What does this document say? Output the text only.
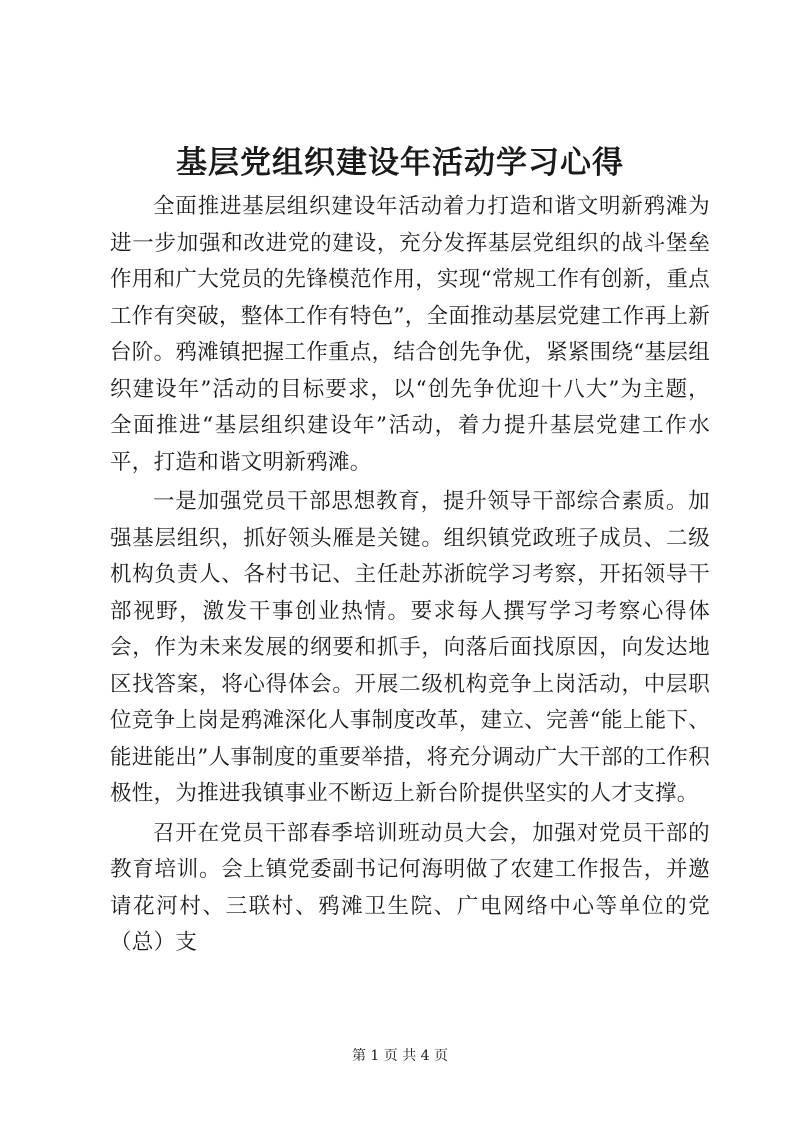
基层党组织建设年活动学习心得

全面推进基层组织建设年活动着力打造和谐文明新鸦滩为进一步加强和改进党的建设，充分发挥基层党组织的战斗堡垒作用和广大党员的先锋模范作用，实现“常规工作有创新，重点工作有突破，整体工作有特色”，全面推动基层党建工作再上新台阶。鸦滩镇把握工作重点，结合创先争优，紧紧围绕“基层组织建设年”活动的目标要求，以“创先争优迎十八大”为主题，全面推进“基层组织建设年”活动，着力提升基层党建工作水平，打造和谐文明新鸦滩。

一是加强党员干部思想教育，提升领导干部综合素质。加强基层组织，抓好领头雁是关键。组织镇党政班子成员、二级机构负责人、各村书记、主任赴苏浙皖学习考察，开拓领导干部视野，激发干事创业热情。要求每人撰写学习考察心得体会，作为未来发展的纲要和抓手，向落后面找原因，向发达地区找答案，将心得体会。开展二级机构竞争上岗活动，中层职位竞争上岗是鸦滩深化人事制度改革，建立、完善“能上能下、能进能出”人事制度的重要举措，将充分调动广大干部的工作积极性，为推进我镇事业不断迈上新台阶提供坚实的人才支撑。

召开在党员干部春季培训班动员大会，加强对党员干部的教育培训。会上镇党委副书记何海明做了农建工作报告，并邀请花河村、三联村、鸦滩卫生院、广电网络中心等单位的党（总）支

第 1 页 共 4 页
